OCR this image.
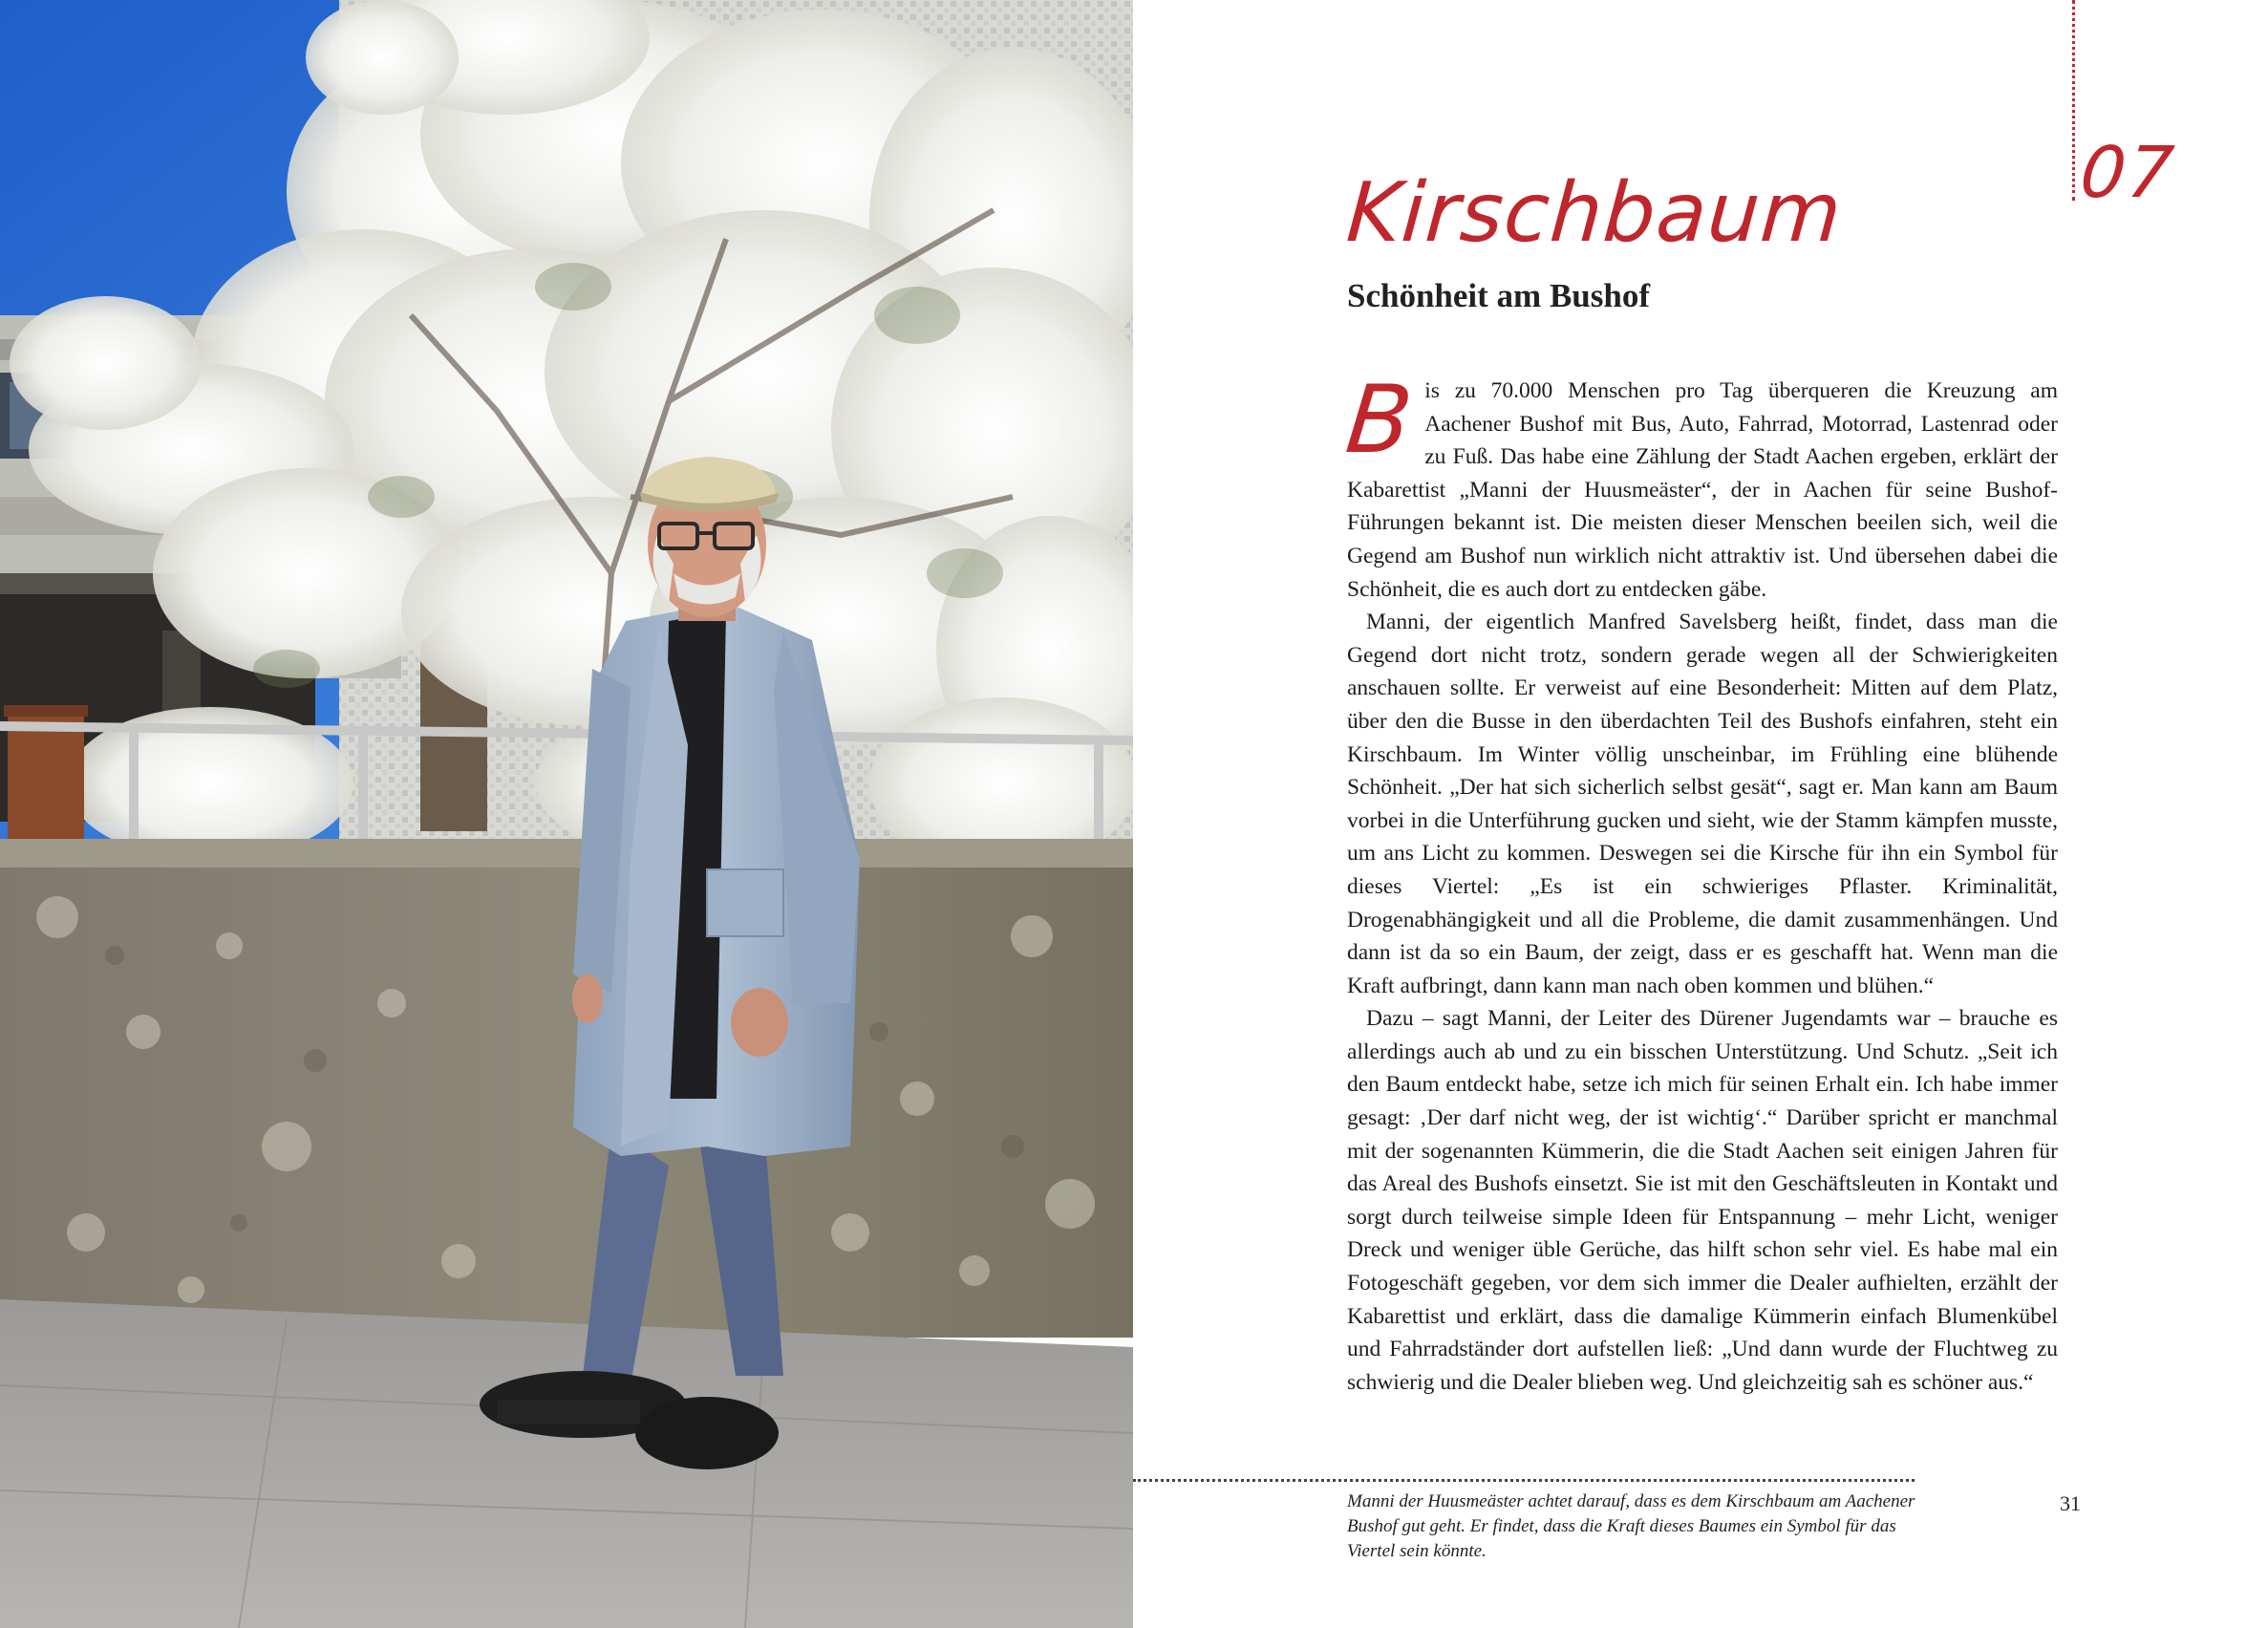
07
Kirschbaum
Schönheit am Bushof

Bis zu 70.000 Menschen pro Tag überqueren die Kreuzung am Aachener Bushof mit Bus, Auto, Fahrrad, Motorrad, Lastenrad oder zu Fuß. Das habe eine Zählung der Stadt Aachen ergeben, erklärt der Kabarettist „Manni der Huusmeäster“, der in Aachen für seine Bushof-Führungen bekannt ist. Die meisten dieser Menschen beeilen sich, weil die Gegend am Bushof nun wirklich nicht attraktiv ist. Und übersehen dabei die Schönheit, die es auch dort zu entdecken gäbe.

Manni, der eigentlich Manfred Savelsberg heißt, findet, dass man die Gegend dort nicht trotz, sondern gerade wegen all der Schwierigkeiten anschauen sollte. Er verweist auf eine Besonderheit: Mitten auf dem Platz, über den die Busse in den überdachten Teil des Bushofs einfahren, steht ein Kirschbaum. Im Winter völlig unscheinbar, im Frühling eine blühende Schönheit. „Der hat sich sicherlich selbst gesät“, sagt er. Man kann am Baum vorbei in die Unterführung gucken und sieht, wie der Stamm kämpfen musste, um ans Licht zu kommen. Deswegen sei die Kirsche für ihn ein Symbol für dieses Viertel: „Es ist ein schwieriges Pflaster. Kriminalität, Drogenabhängigkeit und all die Probleme, die damit zusammenhängen. Und dann ist da so ein Baum, der zeigt, dass er es geschafft hat. Wenn man die Kraft aufbringt, dann kann man nach oben kommen und blühen.“

Dazu – sagt Manni, der Leiter des Dürener Jugendamts war – brauche es allerdings auch ab und zu ein bisschen Unterstützung. Und Schutz. „Seit ich den Baum entdeckt habe, setze ich mich für seinen Erhalt ein. Ich habe immer gesagt: ‚Der darf nicht weg, der ist wichtig‘.“ Darüber spricht er manchmal mit der sogenannten Kümmerin, die die Stadt Aachen seit einigen Jahren für das Areal des Bushofs einsetzt. Sie ist mit den Geschäftsleuten in Kontakt und sorgt durch teilweise simple Ideen für Entspannung – mehr Licht, weniger Dreck und weniger üble Gerüche, das hilft schon sehr viel. Es habe mal ein Fotogeschäft gegeben, vor dem sich immer die Dealer aufhielten, erzählt der Kabarettist und erklärt, dass die damalige Kümmerin einfach Blumenkübel und Fahrradständer dort aufstellen ließ: „Und dann wurde der Fluchtweg zu schwierig und die Dealer blieben weg. Und gleichzeitig sah es schöner aus.“

Manni der Huusmeäster achtet darauf, dass es dem Kirschbaum am Aachener Bushof gut geht. Er findet, dass die Kraft dieses Baumes ein Symbol für das Viertel sein könnte.
31
